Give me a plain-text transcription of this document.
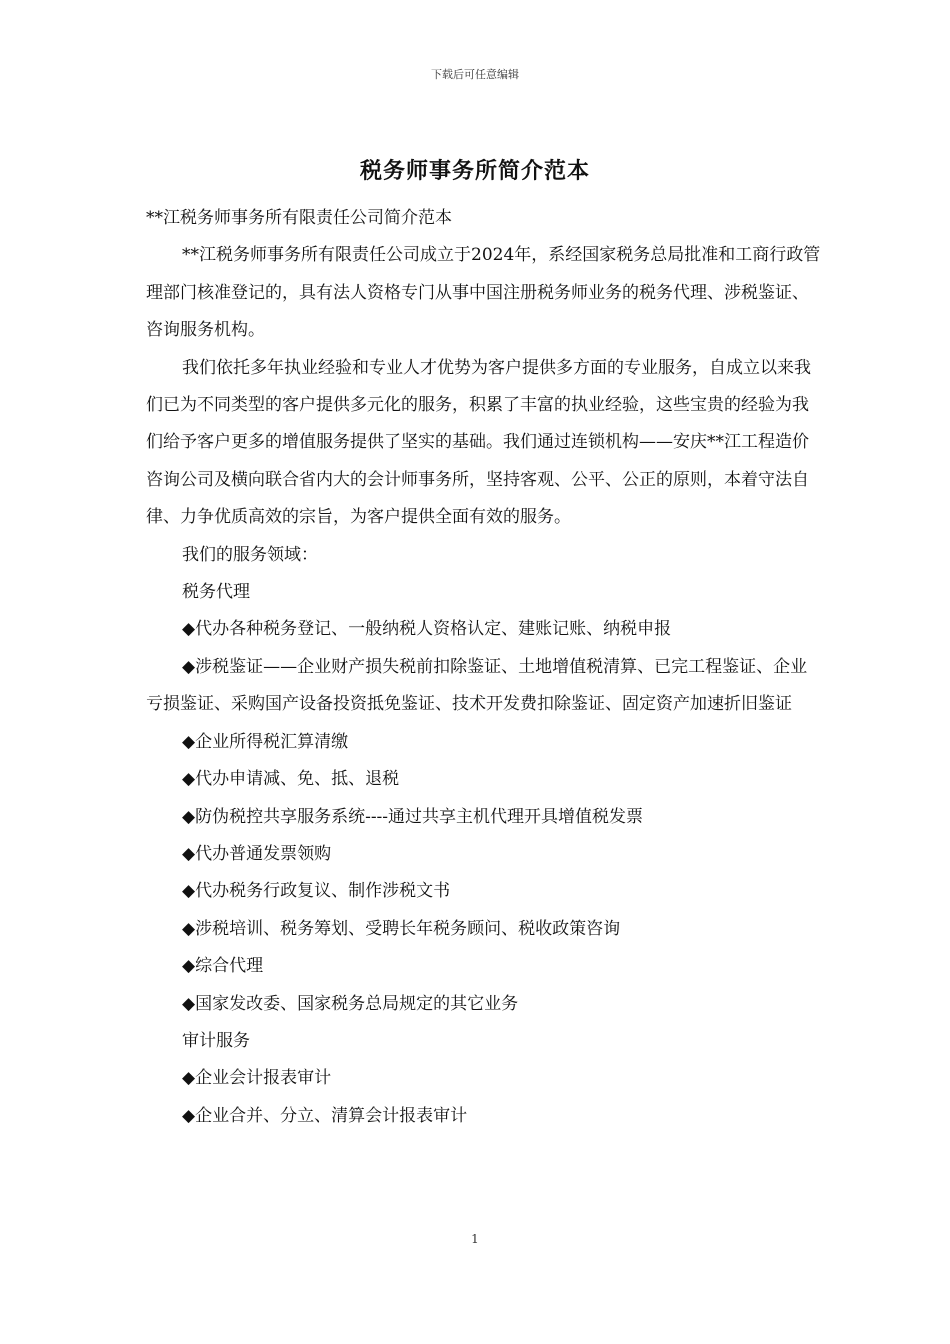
下载后可任意编辑
税务师事务所简介范本

**江税务师事务所有限责任公司简介范本

**江税务师事务所有限责任公司成立于2024年，系经国家税务总局批准和工商行政管理部门核准登记的，具有法人资格专门从事中国注册税务师业务的税务代理、涉税鉴证、咨询服务机构。

我们依托多年执业经验和专业人才优势为客户提供多方面的专业服务，自成立以来我们已为不同类型的客户提供多元化的服务，积累了丰富的执业经验，这些宝贵的经验为我们给予客户更多的增值服务提供了坚实的基础。我们通过连锁机构——安庆**江工程造价咨询公司及横向联合省内大的会计师事务所，坚持客观、公平、公正的原则，本着守法自律、力争优质高效的宗旨，为客户提供全面有效的服务。

我们的服务领域：

税务代理

◆代办各种税务登记、一般纳税人资格认定、建账记账、纳税申报

◆涉税鉴证——企业财产损失税前扣除鉴证、土地增值税清算、已完工程鉴证、企业亏损鉴证、采购国产设备投资抵免鉴证、技术开发费扣除鉴证、固定资产加速折旧鉴证

◆企业所得税汇算清缴

◆代办申请减、免、抵、退税

◆防伪税控共享服务系统----通过共享主机代理开具增值税发票

◆代办普通发票领购

◆代办税务行政复议、制作涉税文书

◆涉税培训、税务筹划、受聘长年税务顾问、税收政策咨询

◆综合代理

◆国家发改委、国家税务总局规定的其它业务

审计服务

◆企业会计报表审计

◆企业合并、分立、清算会计报表审计

1
